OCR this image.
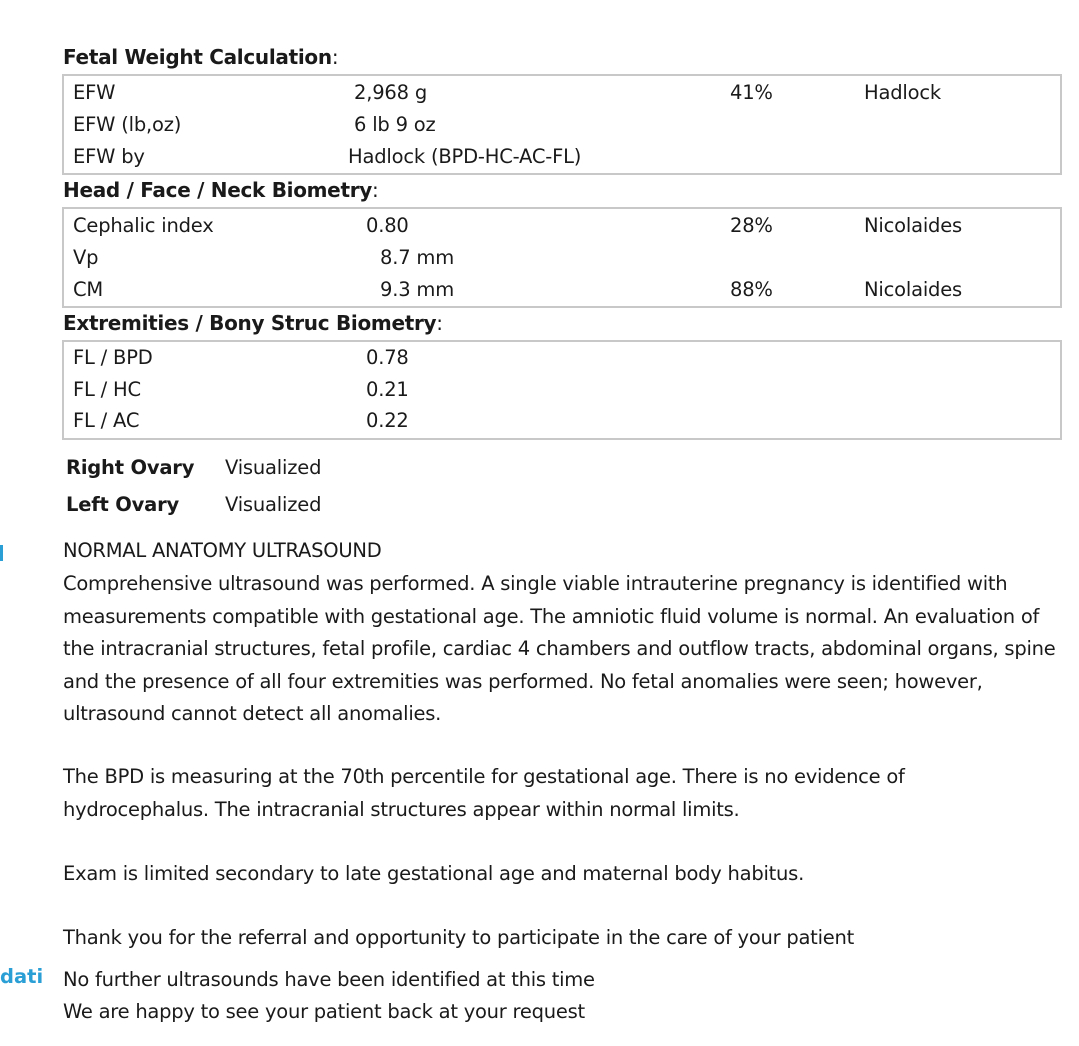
Fetal Weight Calculation:
EFW	2,968 g	41%	Hadlock
EFW (lb,oz)	6 lb 9 oz
EFW by	Hadlock (BPD-HC-AC-FL)
Head / Face / Neck Biometry:
Cephalic index	0.80	28%	Nicolaides
Vp	8.7 mm
CM	9.3 mm	88%	Nicolaides
Extremities / Bony Struc Biometry:
FL / BPD	0.78
FL / HC	0.21
FL / AC	0.22
Right Ovary Visualized
Left Ovary Visualized
NORMAL ANATOMY ULTRASOUND
Comprehensive ultrasound was performed. A single viable intrauterine pregnancy is identified with measurements compatible with gestational age. The amniotic fluid volume is normal. An evaluation of the intracranial structures, fetal profile, cardiac 4 chambers and outflow tracts, abdominal organs, spine and the presence of all four extremities was performed. No fetal anomalies were seen; however, ultrasound cannot detect all anomalies.
The BPD is measuring at the 70th percentile for gestational age. There is no evidence of hydrocephalus. The intracranial structures appear within normal limits.
Exam is limited secondary to late gestational age and maternal body habitus.
Thank you for the referral and opportunity to participate in the care of your patient
dati No further ultrasounds have been identified at this time
We are happy to see your patient back at your request
